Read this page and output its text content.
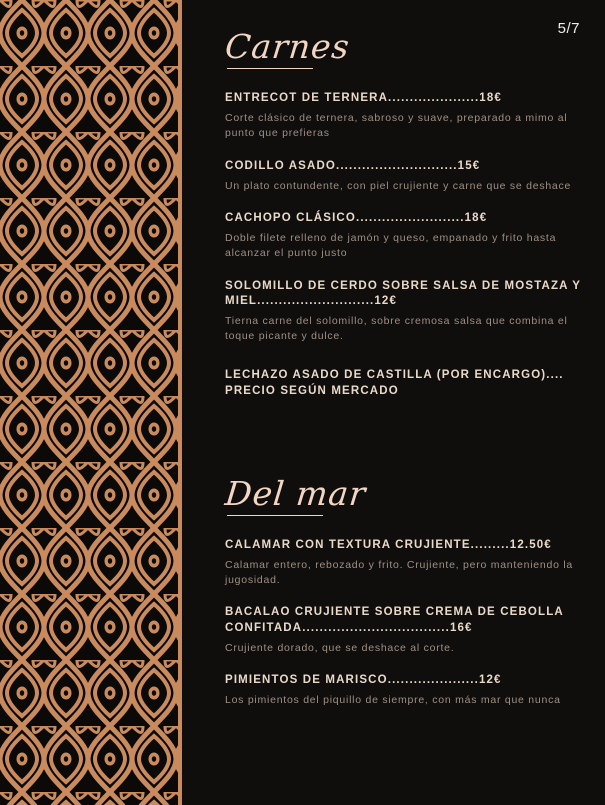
5/7
Carnes
ENTRECOT DE TERNERA.....................18€
Corte clásico de ternera, sabroso y suave, preparado a mimo al punto que prefieras
CODILLO ASADO............................15€
Un plato contundente, con piel crujiente y carne que se deshace
CACHOPO CLÁSICO.........................18€
Doble filete relleno de jamón y queso, empanado y frito hasta alcanzar el punto justo
SOLOMILLO DE CERDO SOBRE SALSA DE MOSTAZA Y MIEL...........................12€
Tierna carne del solomillo, sobre cremosa salsa que combina el toque picante y dulce.
LECHAZO ASADO DE CASTILLA (POR ENCARGO).... PRECIO SEGÚN MERCADO
Del mar
CALAMAR CON TEXTURA CRUJIENTE.........12.50€
Calamar entero, rebozado y frito. Crujiente, pero manteniendo la jugosidad.
BACALAO CRUJIENTE SOBRE CREMA DE CEBOLLA CONFITADA..................................16€
Crujiente dorado, que se deshace al corte.
PIMIENTOS DE MARISCO.....................12€
Los pimientos del piquillo de siempre, con más mar que nunca
